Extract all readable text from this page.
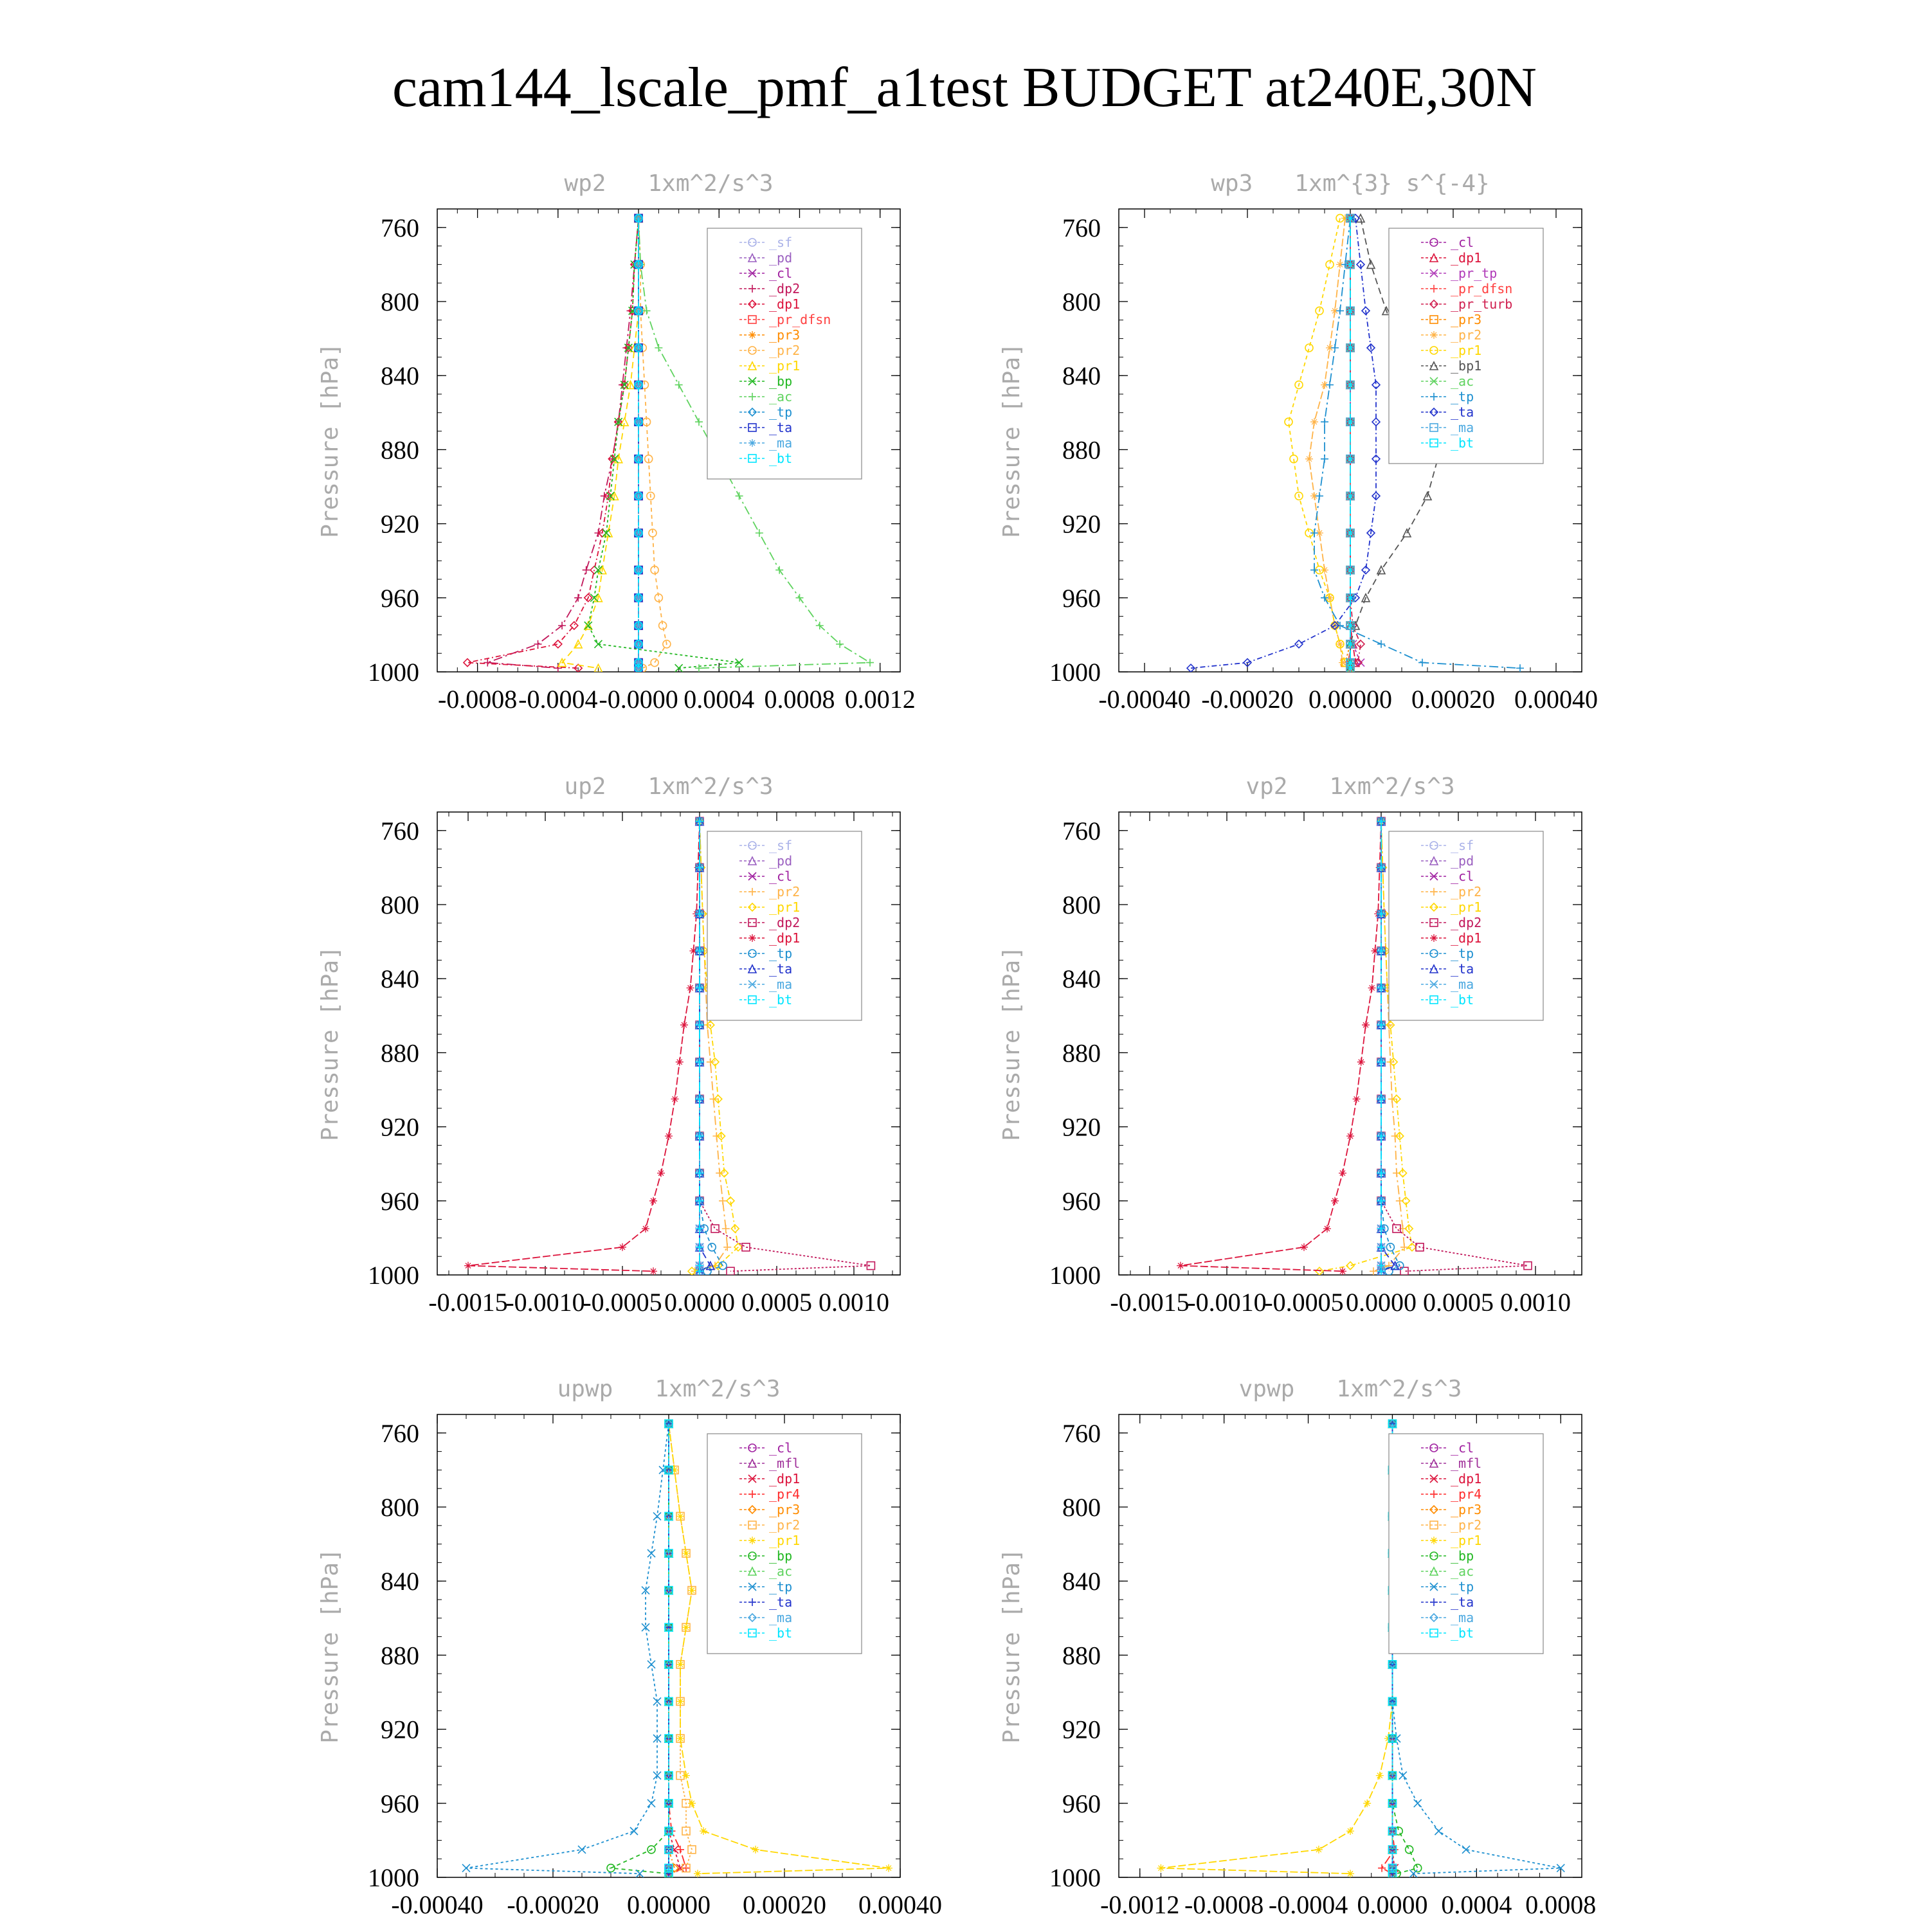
cam144_lscale_pmf_a1test BUDGET at240E,30N
wp2   1xm^2/s^3
Pressure [hPa]
760
800
840
880
920
960
1000
-0.0008 -0.0004 -0.0000 0.0004 0.0008 0.0012
_sf
_pd
_cl
_dp2
_dp1
_pr_dfsn
_pr3
_pr2
_pr1
_bp
_ac
_tp
_ta
_ma
_bt
wp3   1xm^{3} s^{-4}
Pressure [hPa]
760
800
840
880
920
960
1000
-0.00040 -0.00020 0.00000 0.00020 0.00040
_cl
_dp1
_pr_tp
_pr_dfsn
_pr_turb
_pr3
_pr2
_pr1
_bp1
_ac
_tp
_ta
_ma
_bt
up2   1xm^2/s^3
Pressure [hPa]
760
800
840
880
920
960
1000
-0.0015
-0.0010
-0.0005 0.0000 0.0005 0.0010
_sf
_pd
_cl
_pr2
_pr1
_dp2
_dp1
_tp
_ta
_ma
_bt
vp2   1xm^2/s^3
Pressure [hPa]
760
800
840
880
920
960
1000
-0.0015
-0.0010
-0.0005 0.0000 0.0005 0.0010
_sf
_pd
_cl
_pr2
_pr1
_dp2
_dp1
_tp
_ta
_ma
_bt
upwp   1xm^2/s^3
Pressure [hPa]
760
800
840
880
920
960
1000
-0.00040 -0.00020 0.00000 0.00020 0.00040
_cl
_mfl
_dp1
_pr4
_pr3
_pr2
_pr1
_bp
_ac
_tp
_ta
_ma
_bt
vpwp   1xm^2/s^3
Pressure [hPa]
760
800
840
880
920
960
1000
-0.0012 -0.0008 -0.0004 0.0000 0.0004 0.0008
_cl
_mfl
_dp1
_pr4
_pr3
_pr2
_pr1
_bp
_ac
_tp
_ta
_ma
_bt
